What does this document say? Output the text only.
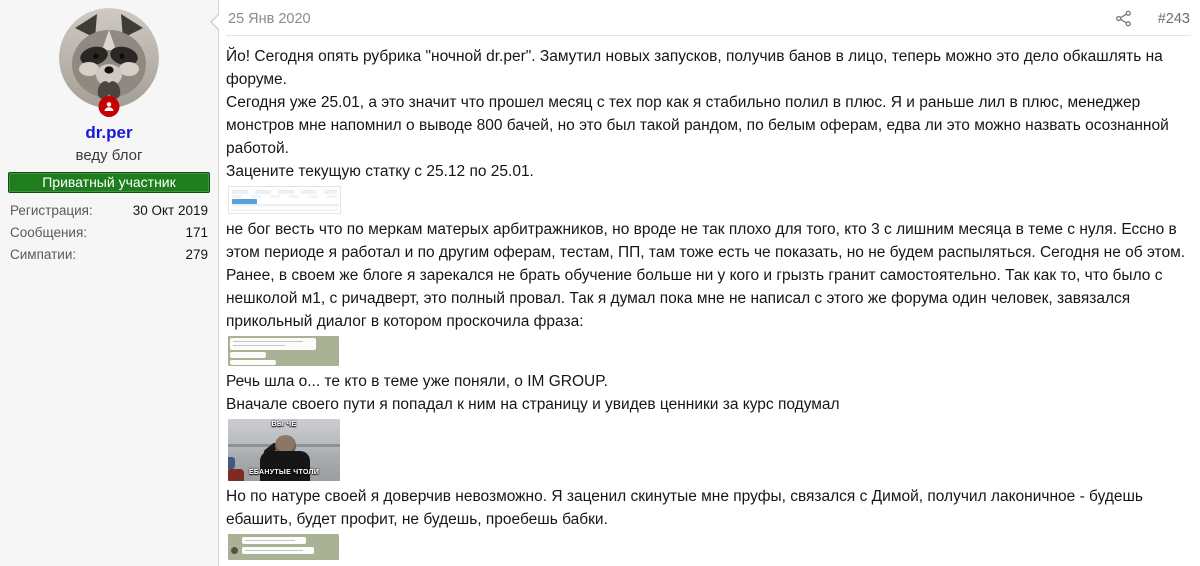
dr.per
веду блог
Приватный участник
Регистрация:	30 Окт 2019
Сообщения:	171
Симпатии:	279
25 Янв 2020	#243

Йо! Сегодня опять рубрика "ночной dr.per". Замутил новых запусков, получив банов в лицо, теперь можно это дело обкашлять на форуме.

Сегодня уже 25.01, а это значит что прошел месяц с тех пор как я стабильно полил в плюс. Я и раньше лил в плюс, менеджер монстров мне напомнил о выводе 800 бачей, но это был такой рандом, по белым оферам, едва ли это можно назвать осознанной работой.

Зацените текущую статку с 25.12 по 25.01.

не бог весть что по меркам матерых арбитражников, но вроде не так плохо для того, кто 3 с лишним месяца в теме с нуля. Ессно в этом периоде я работал и по другим оферам, тестам, ПП, там тоже есть че показать, но не будем распыляться. Сегодня не об этом.

Ранее, в своем же блоге я зарекался не брать обучение больше ни у кого и грызть гранит самостоятельно. Так как то, что было с нешколой м1, с ричадверт, это полный провал. Так я думал пока мне не написал с этого же форума один человек, завязался прикольный диалог в котором проскочила фраза:

Речь шла о... те кто в теме уже поняли, о IM GROUP.

Вначале своего пути я попадал к ним на страницу и увидев ценники за курс подумал

ВЫ ЧЕ
ЕБАНУТЫЕ ЧТОЛИ

Но по натуре своей я доверчив невозможно. Я заценил скинутые мне пруфы, связался с Димой, получил лаконичное - будешь ебашить, будет профит, не будешь, проебешь бабки.
